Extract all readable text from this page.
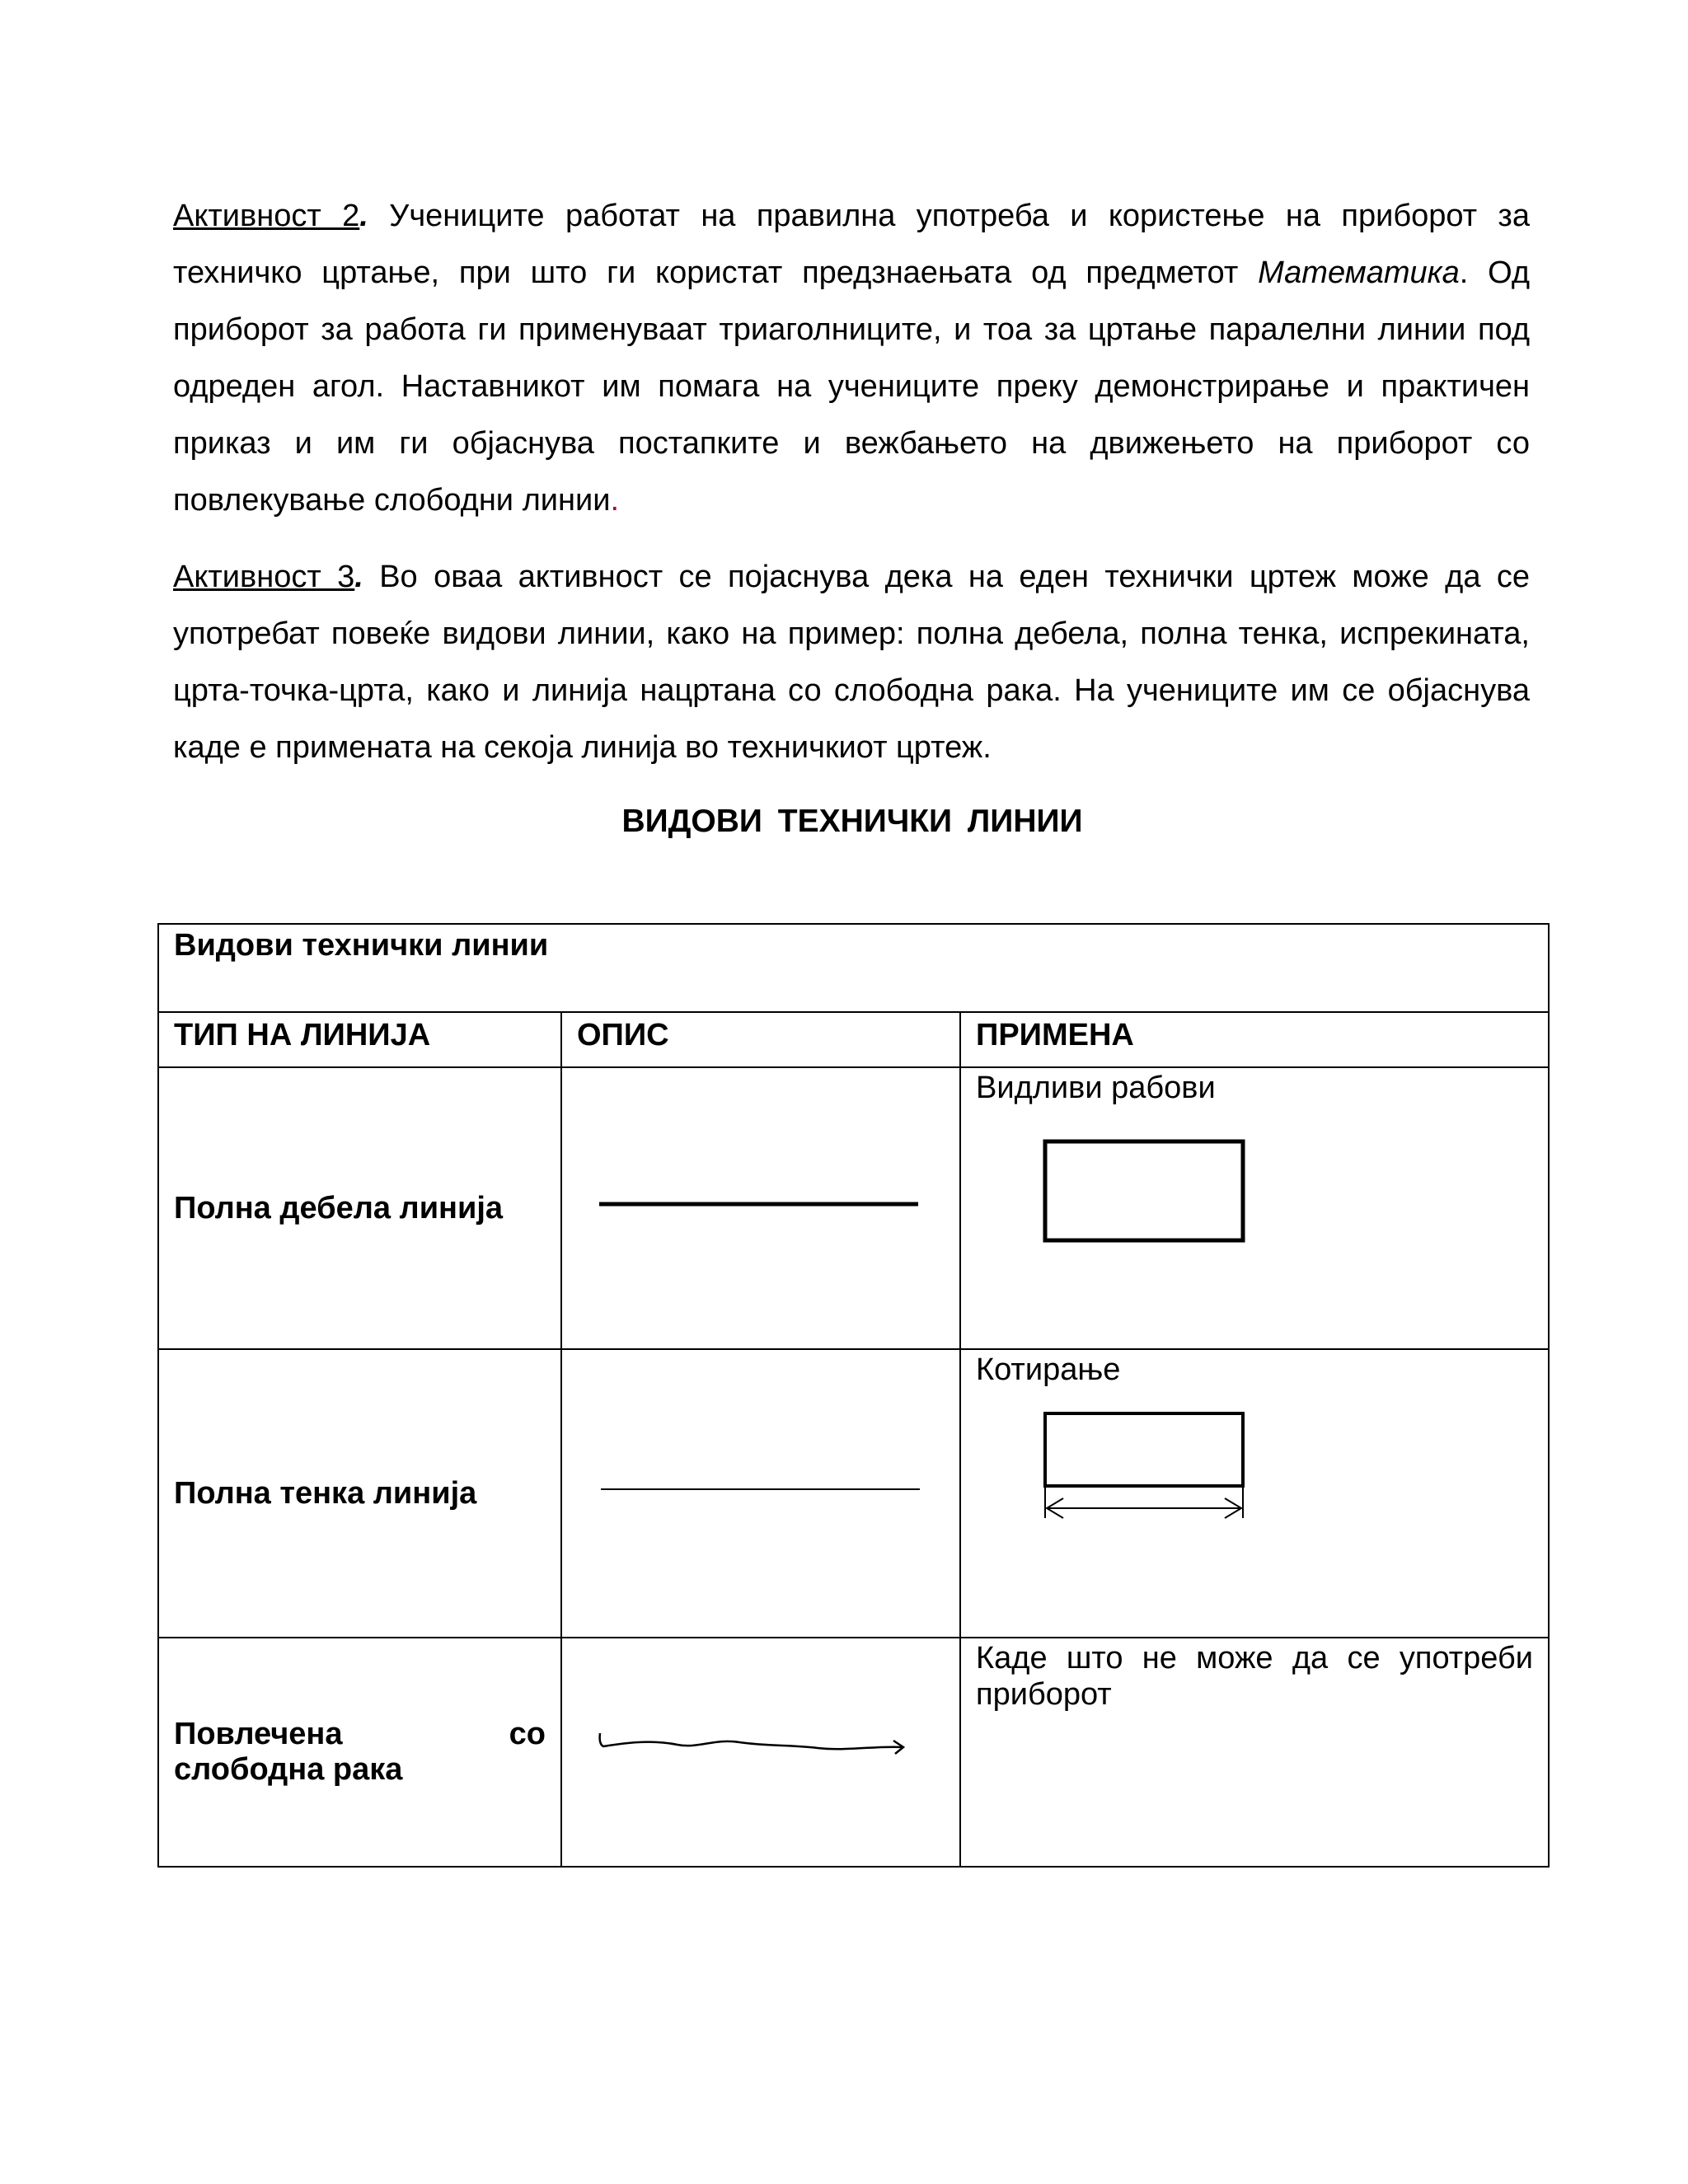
Активност 2. Учениците работат на правилна употреба и користење на приборот за техничко цртање, при што ги користат предзнаењата од предметот Математика. Од приборот за работа ги применуваат триаголниците, и тоа за цртање паралелни линии под одреден агол. Наставникот им помага на учениците преку демонстрирање и практичен приказ и им ги објаснува постапките и вежбањето на движењето на приборот со повлекување слободни линии.

Активност 3. Во оваа активност се појаснува дека на еден технички цртеж може да се употребат повеќе видови линии, како на пример: полна дебела, полна тенка, испрекината, црта-точка-црта, како и линија нацртана со слободна рака. На учениците им се објаснува каде е примената на секоја линија во техничкиот цртеж.

ВИДОВИ ТЕХНИЧКИ ЛИНИИ
Видови технички линии		
ТИП НА ЛИНИЈА	ОПИС	ПРИМЕНА
Полна дебела линија		Видливи рабови

Полна тенка линија		Котирање

Повлечена со
слободна рака		Каде што не може да се употреби приборот
